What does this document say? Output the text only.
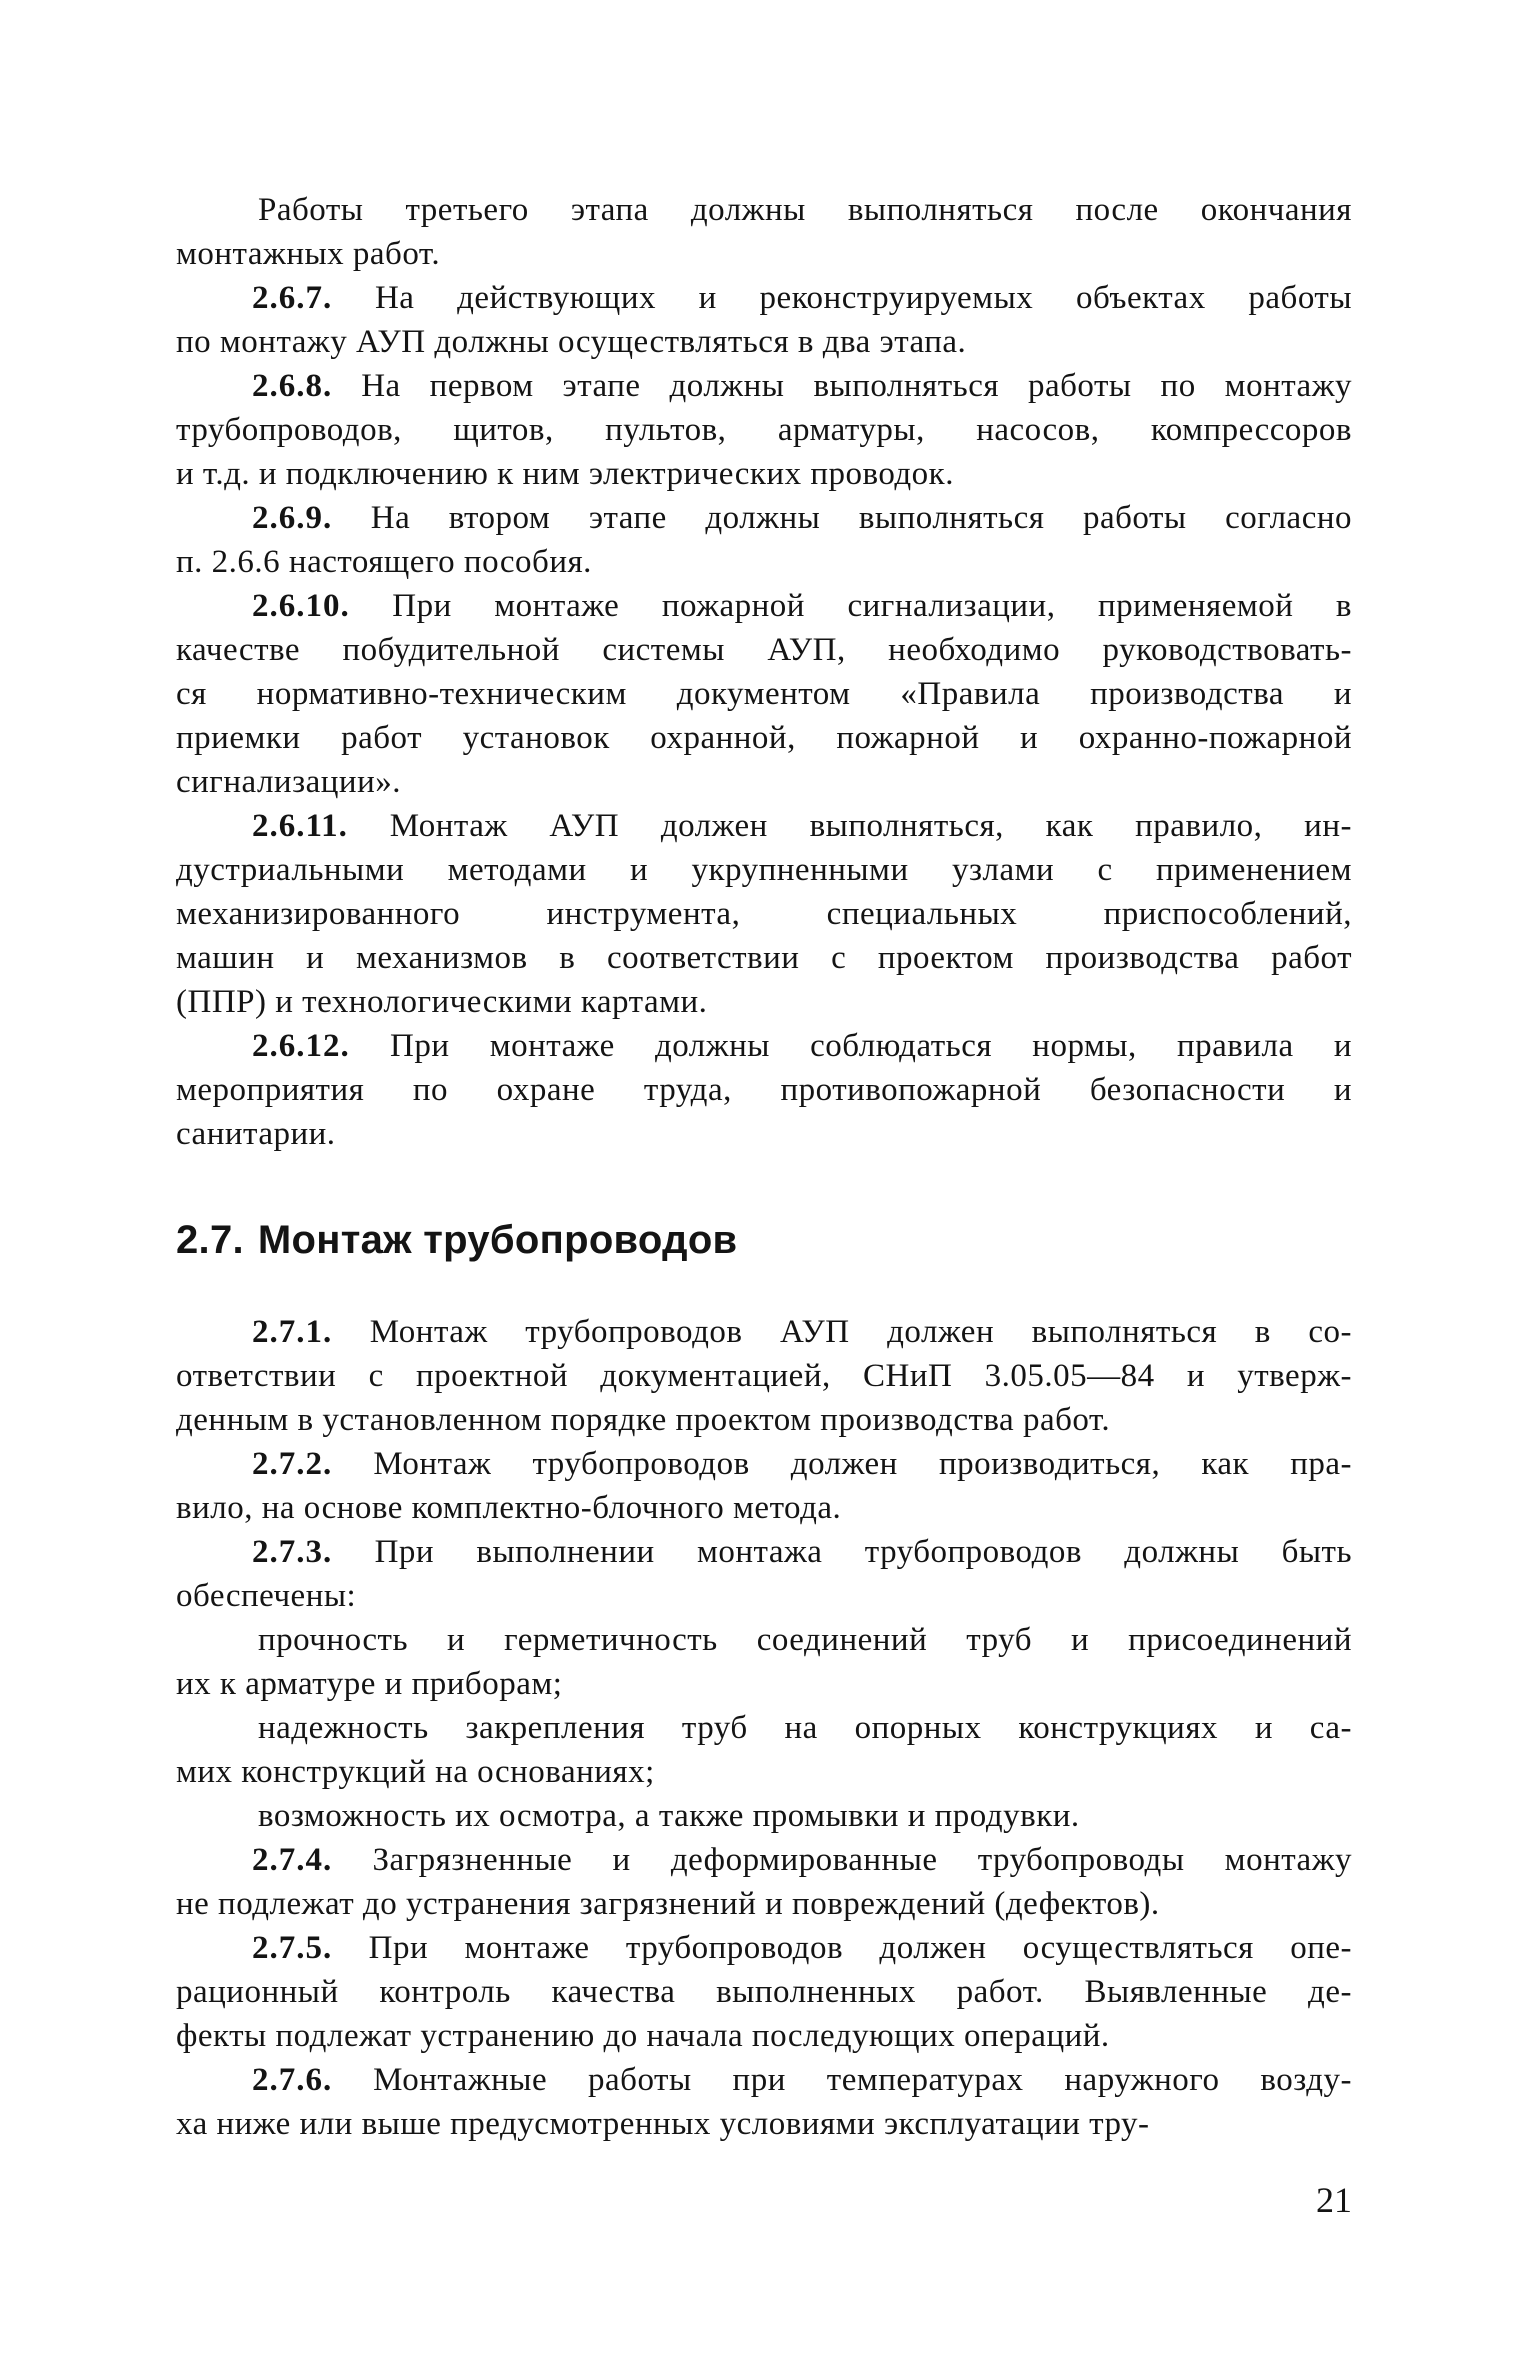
Работы третьего этапа должны выполняться после окончания
монтажных работ.
2.6.7. На действующих и реконструируемых объектах работы
по монтажу АУП должны осуществляться в два этапа.
2.6.8. На первом этапе должны выполняться работы по монтажу
трубопроводов, щитов, пультов, арматуры, насосов, компрессоров
и т.д. и подключению к ним электрических проводок.
2.6.9. На втором этапе должны выполняться работы согласно
п. 2.6.6 настоящего пособия.
2.6.10. При монтаже пожарной сигнализации, применяемой в
качестве побудительной системы АУП, необходимо руководствовать-
ся нормативно-техническим документом «Правила производства и
приемки работ установок охранной, пожарной и охранно-пожарной
сигнализации».
2.6.11. Монтаж АУП должен выполняться, как правило, ин-
дустриальными методами и укрупненными узлами с применением
механизированного инструмента, специальных приспособлений,
машин и механизмов в соответствии с проектом производства работ
(ППР) и технологическими картами.
2.6.12. При монтаже должны соблюдаться нормы, правила и
мероприятия по охране труда, противопожарной безопасности и
санитарии.
2.7. Монтаж трубопроводов
2.7.1. Монтаж трубопроводов АУП должен выполняться в со-
ответствии с проектной документацией, СНиП 3.05.05—84 и утверж-
денным в установленном порядке проектом производства работ.
2.7.2. Монтаж трубопроводов должен производиться, как пра-
вило, на основе комплектно-блочного метода.
2.7.3. При выполнении монтажа трубопроводов должны быть
обеспечены:
прочность и герметичность соединений труб и присоединений
их к арматуре и приборам;
надежность закрепления труб на опорных конструкциях и са-
мих конструкций на основаниях;
возможность их осмотра, а также промывки и продувки.
2.7.4. Загрязненные и деформированные трубопроводы монтажу
не подлежат до устранения загрязнений и повреждений (дефектов).
2.7.5. При монтаже трубопроводов должен осуществляться опе-
рационный контроль качества выполненных работ. Выявленные де-
фекты подлежат устранению до начала последующих операций.
2.7.6. Монтажные работы при температурах наружного возду-
ха ниже или выше предусмотренных условиями эксплуатации тру-
21
